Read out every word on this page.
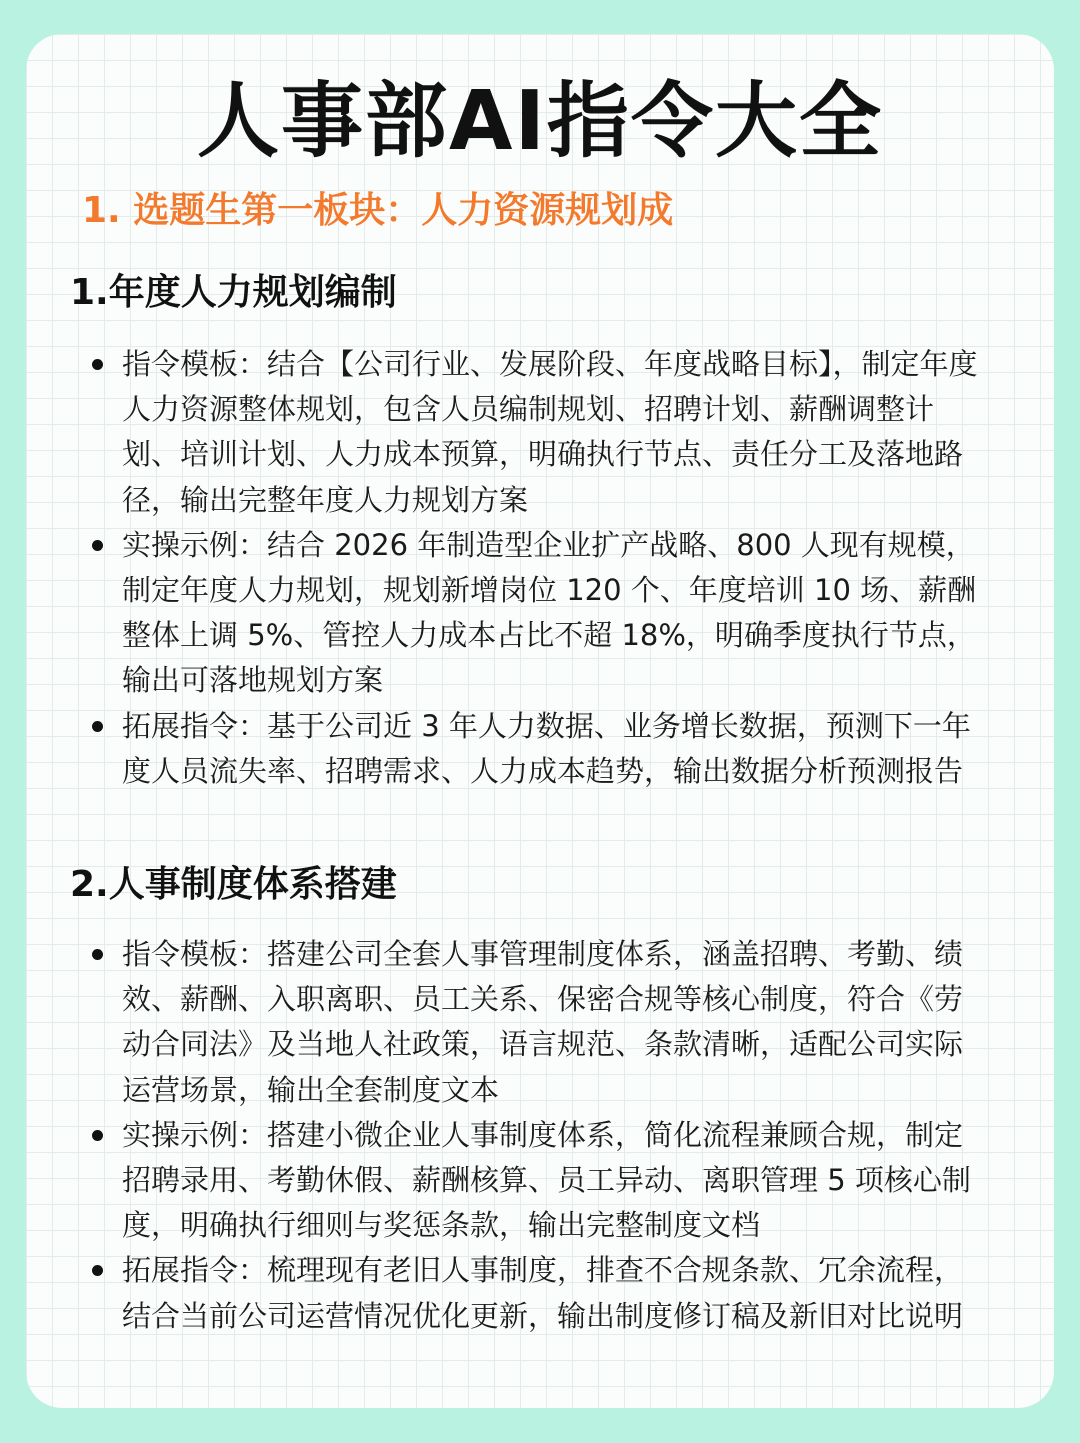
人事部AI指令大全
1. 选题生第一板块：人力资源规划成
1.年度人力规划编制
指令模板：结合【公司行业、发展阶段、年度战略目标】，制定年度人力资源整体规划，包含人员编制规划、招聘计划、薪酬调整计划、培训计划、人力成本预算，明确执行节点、责任分工及落地路径，输出完整年度人力规划方案
实操示例：结合 2026 年制造型企业扩产战略、800 人现有规模，制定年度人力规划，规划新增岗位 120 个、年度培训 10 场、薪酬整体上调 5%、管控人力成本占比不超 18%，明确季度执行节点，输出可落地规划方案
拓展指令：基于公司近 3 年人力数据、业务增长数据，预测下一年度人员流失率、招聘需求、人力成本趋势，输出数据分析预测报告
2.人事制度体系搭建
指令模板：搭建公司全套人事管理制度体系，涵盖招聘、考勤、绩效、薪酬、入职离职、员工关系、保密合规等核心制度，符合《劳动合同法》及当地人社政策，语言规范、条款清晰，适配公司实际运营场景，输出全套制度文本
实操示例：搭建小微企业人事制度体系，简化流程兼顾合规，制定招聘录用、考勤休假、薪酬核算、员工异动、离职管理 5 项核心制度，明确执行细则与奖惩条款，输出完整制度文档
拓展指令：梳理现有老旧人事制度，排查不合规条款、冗余流程，结合当前公司运营情况优化更新，输出制度修订稿及新旧对比说明
